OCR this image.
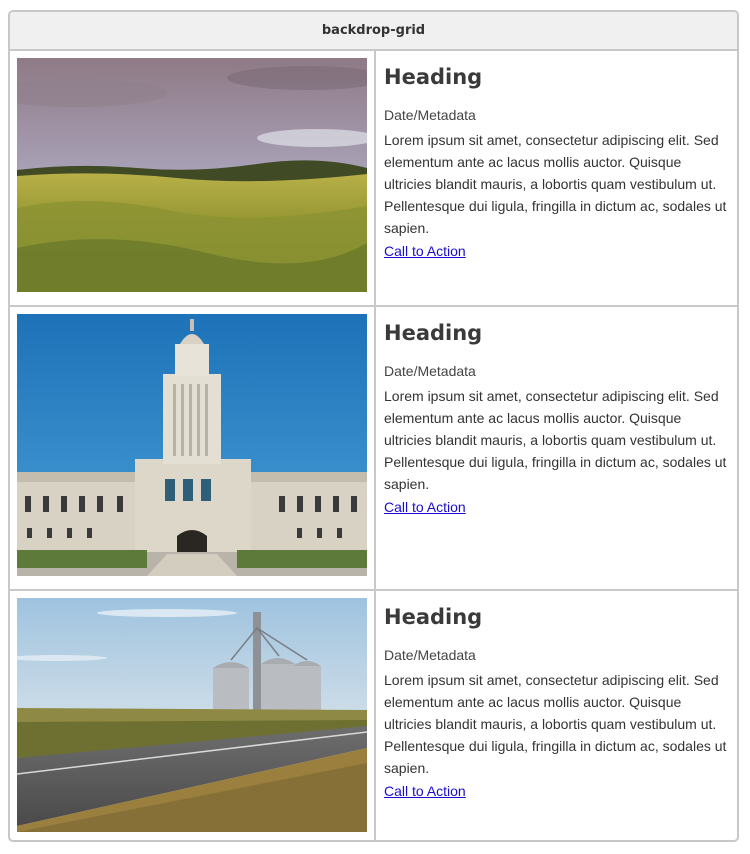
backdrop-grid
Heading
Date/Metadata

Lorem ipsum sit amet, consectetur adipiscing elit. Sed elementum ante ac lacus mollis auctor. Quisque ultricies blandit mauris, a lobortis quam vestibulum ut. Pellentesque dui ligula, fringilla in dictum ac, sodales ut sapien.

Call to Action
Heading
Date/Metadata

Lorem ipsum sit amet, consectetur adipiscing elit. Sed elementum ante ac lacus mollis auctor. Quisque ultricies blandit mauris, a lobortis quam vestibulum ut. Pellentesque dui ligula, fringilla in dictum ac, sodales ut sapien.

Call to Action
Heading
Date/Metadata

Lorem ipsum sit amet, consectetur adipiscing elit. Sed elementum ante ac lacus mollis auctor. Quisque ultricies blandit mauris, a lobortis quam vestibulum ut. Pellentesque dui ligula, fringilla in dictum ac, sodales ut sapien.

Call to Action
